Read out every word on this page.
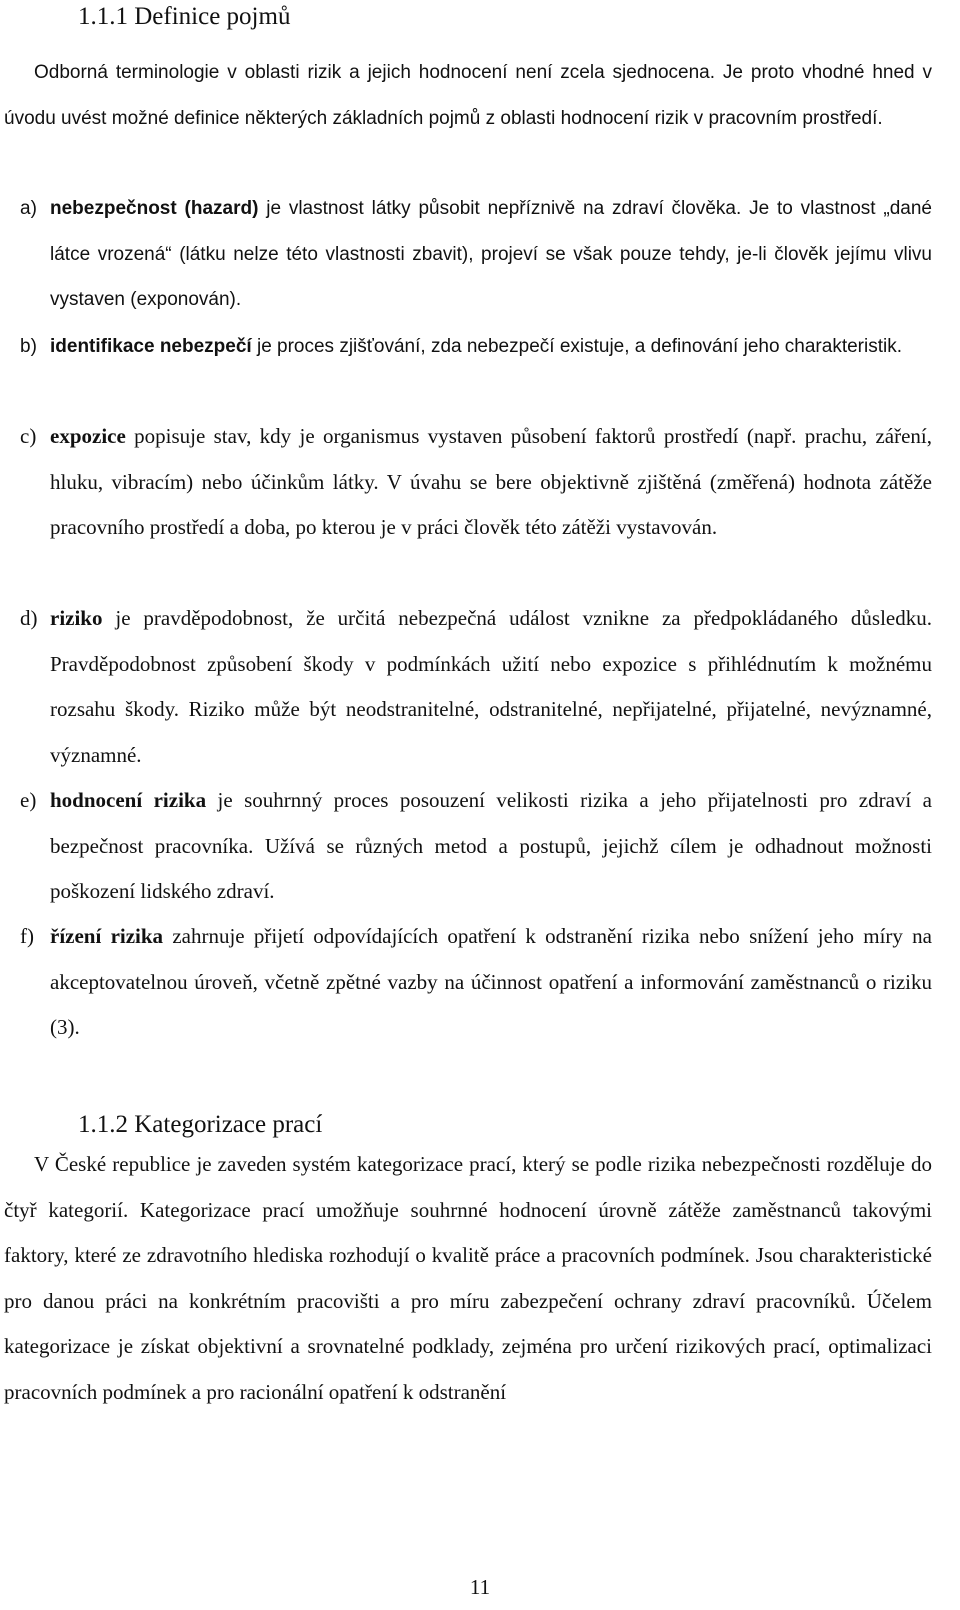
1.1.1 Definice pojmů

Odborná terminologie v oblasti rizik a jejich hodnocení není zcela sjednocena. Je proto vhodné hned v úvodu uvést možné definice některých základních pojmů z oblasti hodnocení rizik v pracovním prostředí.

a) nebezpečnost (hazard) je vlastnost látky působit nepříznivě na zdraví člověka. Je to vlastnost „dané látce vrozená“ (látku nelze této vlastnosti zbavit), projeví se však pouze tehdy, je-li člověk jejímu vlivu vystaven (exponován).
b) identifikace nebezpečí je proces zjišťování, zda nebezpečí existuje, a definování jeho charakteristik.
c) expozice popisuje stav, kdy je organismus vystaven působení faktorů prostředí (např. prachu, záření, hluku, vibracím) nebo účinkům látky. V úvahu se bere objektivně zjištěná (změřená) hodnota zátěže pracovního prostředí a doba, po kterou je v práci člověk této zátěži vystavován.
d) riziko je pravděpodobnost, že určitá nebezpečná událost vznikne za předpokládaného důsledku. Pravděpodobnost způsobení škody v podmínkách užití nebo expozice s přihlédnutím k možnému rozsahu škody. Riziko může být neodstranitelné, odstranitelné, nepřijatelné, přijatelné, nevýznamné, významné.
e) hodnocení rizika je souhrnný proces posouzení velikosti rizika a jeho přijatelnosti pro zdraví a bezpečnost pracovníka. Užívá se různých metod a postupů, jejichž cílem je odhadnout možnosti poškození lidského zdraví.
f) řízení rizika zahrnuje přijetí odpovídajících opatření k odstranění rizika nebo snížení jeho míry na akceptovatelnou úroveň, včetně zpětné vazby na účinnost opatření a informování zaměstnanců o riziku (3).
1.1.2 Kategorizace prací

V České republice je zaveden systém kategorizace prací, který se podle rizika nebezpečnosti rozděluje do čtyř kategorií. Kategorizace prací umožňuje souhrnné hodnocení úrovně zátěže zaměstnanců takovými faktory, které ze zdravotního hlediska rozhodují o kvalitě práce a pracovních podmínek. Jsou charakteristické pro danou práci na konkrétním pracovišti a pro míru zabezpečení ochrany zdraví pracovníků. Účelem kategorizace je získat objektivní a srovnatelné podklady, zejména pro určení rizikových prací, optimalizaci pracovních podmínek a pro racionální opatření k odstranění

11
